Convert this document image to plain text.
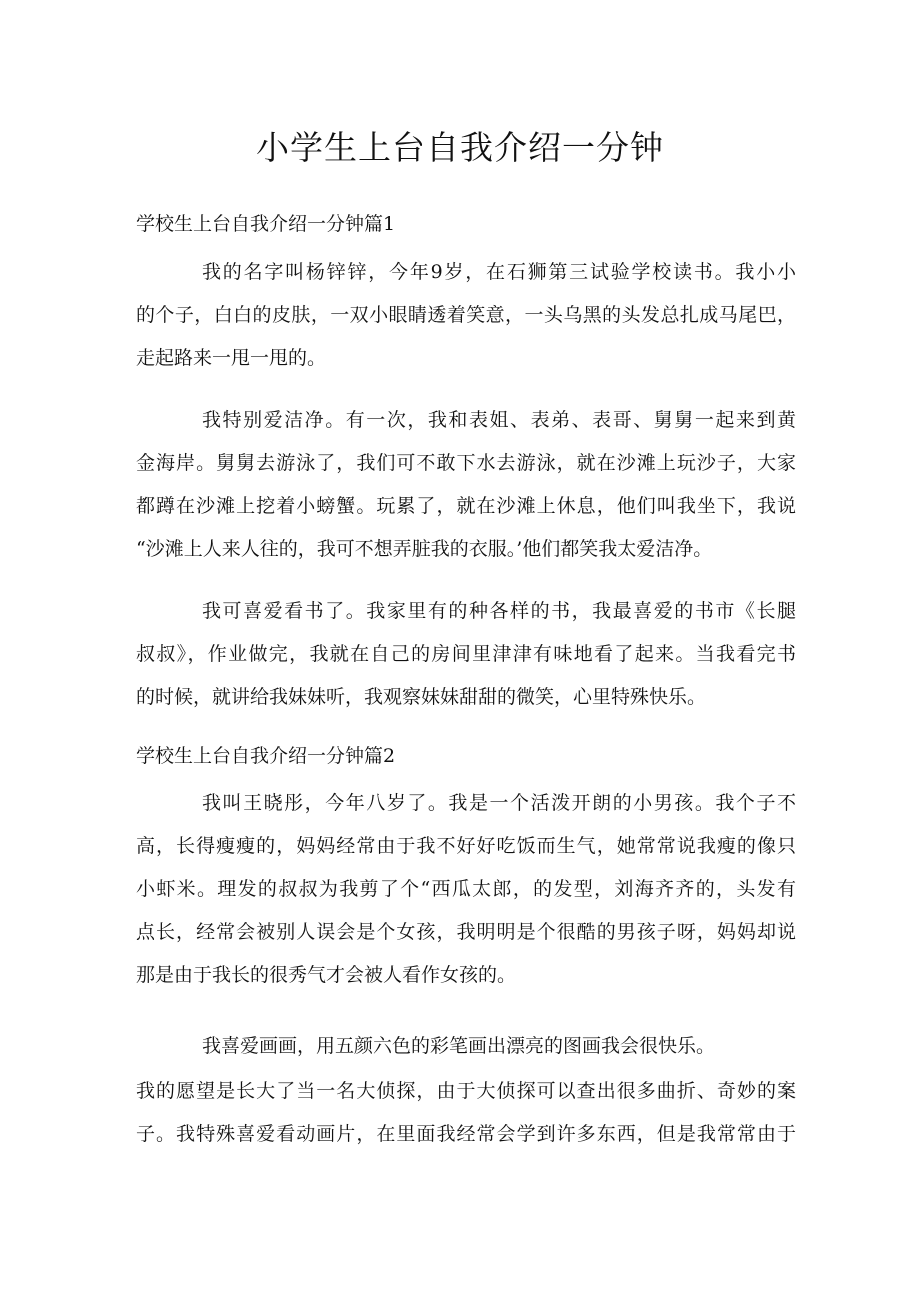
小学生上台自我介绍一分钟
学校生上台自我介绍一分钟篇1
我的名字叫杨锌锌，今年9岁，在石狮第三试验学校读书。我小小
的个子，白白的皮肤，一双小眼睛透着笑意，一头乌黑的头发总扎成马尾巴，
走起路来一甩一甩的。
我特别爱洁净。有一次，我和表姐、表弟、表哥、舅舅一起来到黄
金海岸。舅舅去游泳了，我们可不敢下水去游泳，就在沙滩上玩沙子，大家
都蹲在沙滩上挖着小螃蟹。玩累了，就在沙滩上休息，他们叫我坐下，我说
“沙滩上人来人往的，我可不想弄脏我的衣服。’他们都笑我太爱洁净。
我可喜爱看书了。我家里有的种各样的书，我最喜爱的书市《长腿
叔叔》，作业做完，我就在自己的房间里津津有味地看了起来。当我看完书
的时候，就讲给我妹妹听，我观察妹妹甜甜的微笑，心里特殊快乐。
学校生上台自我介绍一分钟篇2
我叫王晓彤，今年八岁了。我是一个活泼开朗的小男孩。我个子不
高，长得瘦瘦的，妈妈经常由于我不好好吃饭而生气，她常常说我瘦的像只
小虾米。理发的叔叔为我剪了个“西瓜太郎，的发型，刘海齐齐的，头发有
点长，经常会被别人误会是个女孩，我明明是个很酷的男孩子呀，妈妈却说
那是由于我长的很秀气才会被人看作女孩的。
我喜爱画画，用五颜六色的彩笔画出漂亮的图画我会很快乐。
我的愿望是长大了当一名大侦探，由于大侦探可以查出很多曲折、奇妙的案
子。我特殊喜爱看动画片，在里面我经常会学到许多东西，但是我常常由于
